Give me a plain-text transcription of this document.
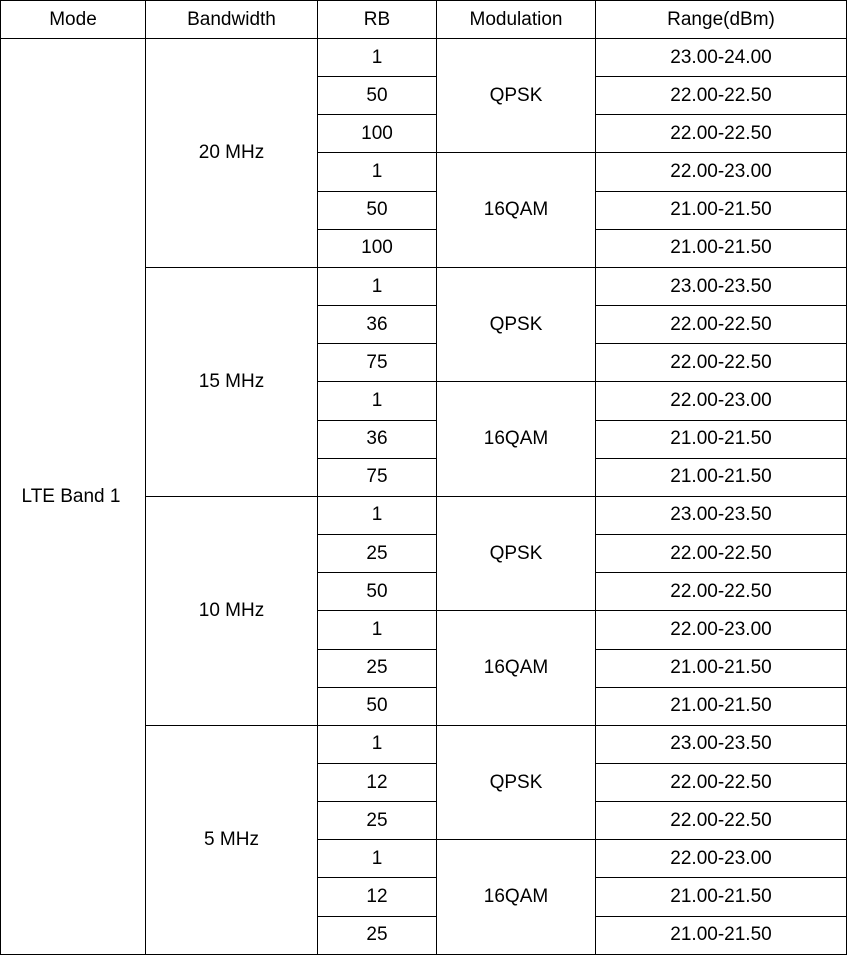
Mode	Bandwidth	RB	Modulation	Range(dBm)
LTE Band 1	20 MHz	1	QPSK	23.00-24.00
		50		22.00-22.50
		100		22.00-22.50
		1	16QAM	22.00-23.00
		50		21.00-21.50
		100		21.00-21.50
	15 MHz	1	QPSK	23.00-23.50
		36		22.00-22.50
		75		22.00-22.50
		1	16QAM	22.00-23.00
		36		21.00-21.50
		75		21.00-21.50
	10 MHz	1	QPSK	23.00-23.50
		25		22.00-22.50
		50		22.00-22.50
		1	16QAM	22.00-23.00
		25		21.00-21.50
		50		21.00-21.50
	5 MHz	1	QPSK	23.00-23.50
		12		22.00-22.50
		25		22.00-22.50
		1	16QAM	22.00-23.00
		12		21.00-21.50
		25		21.00-21.50
